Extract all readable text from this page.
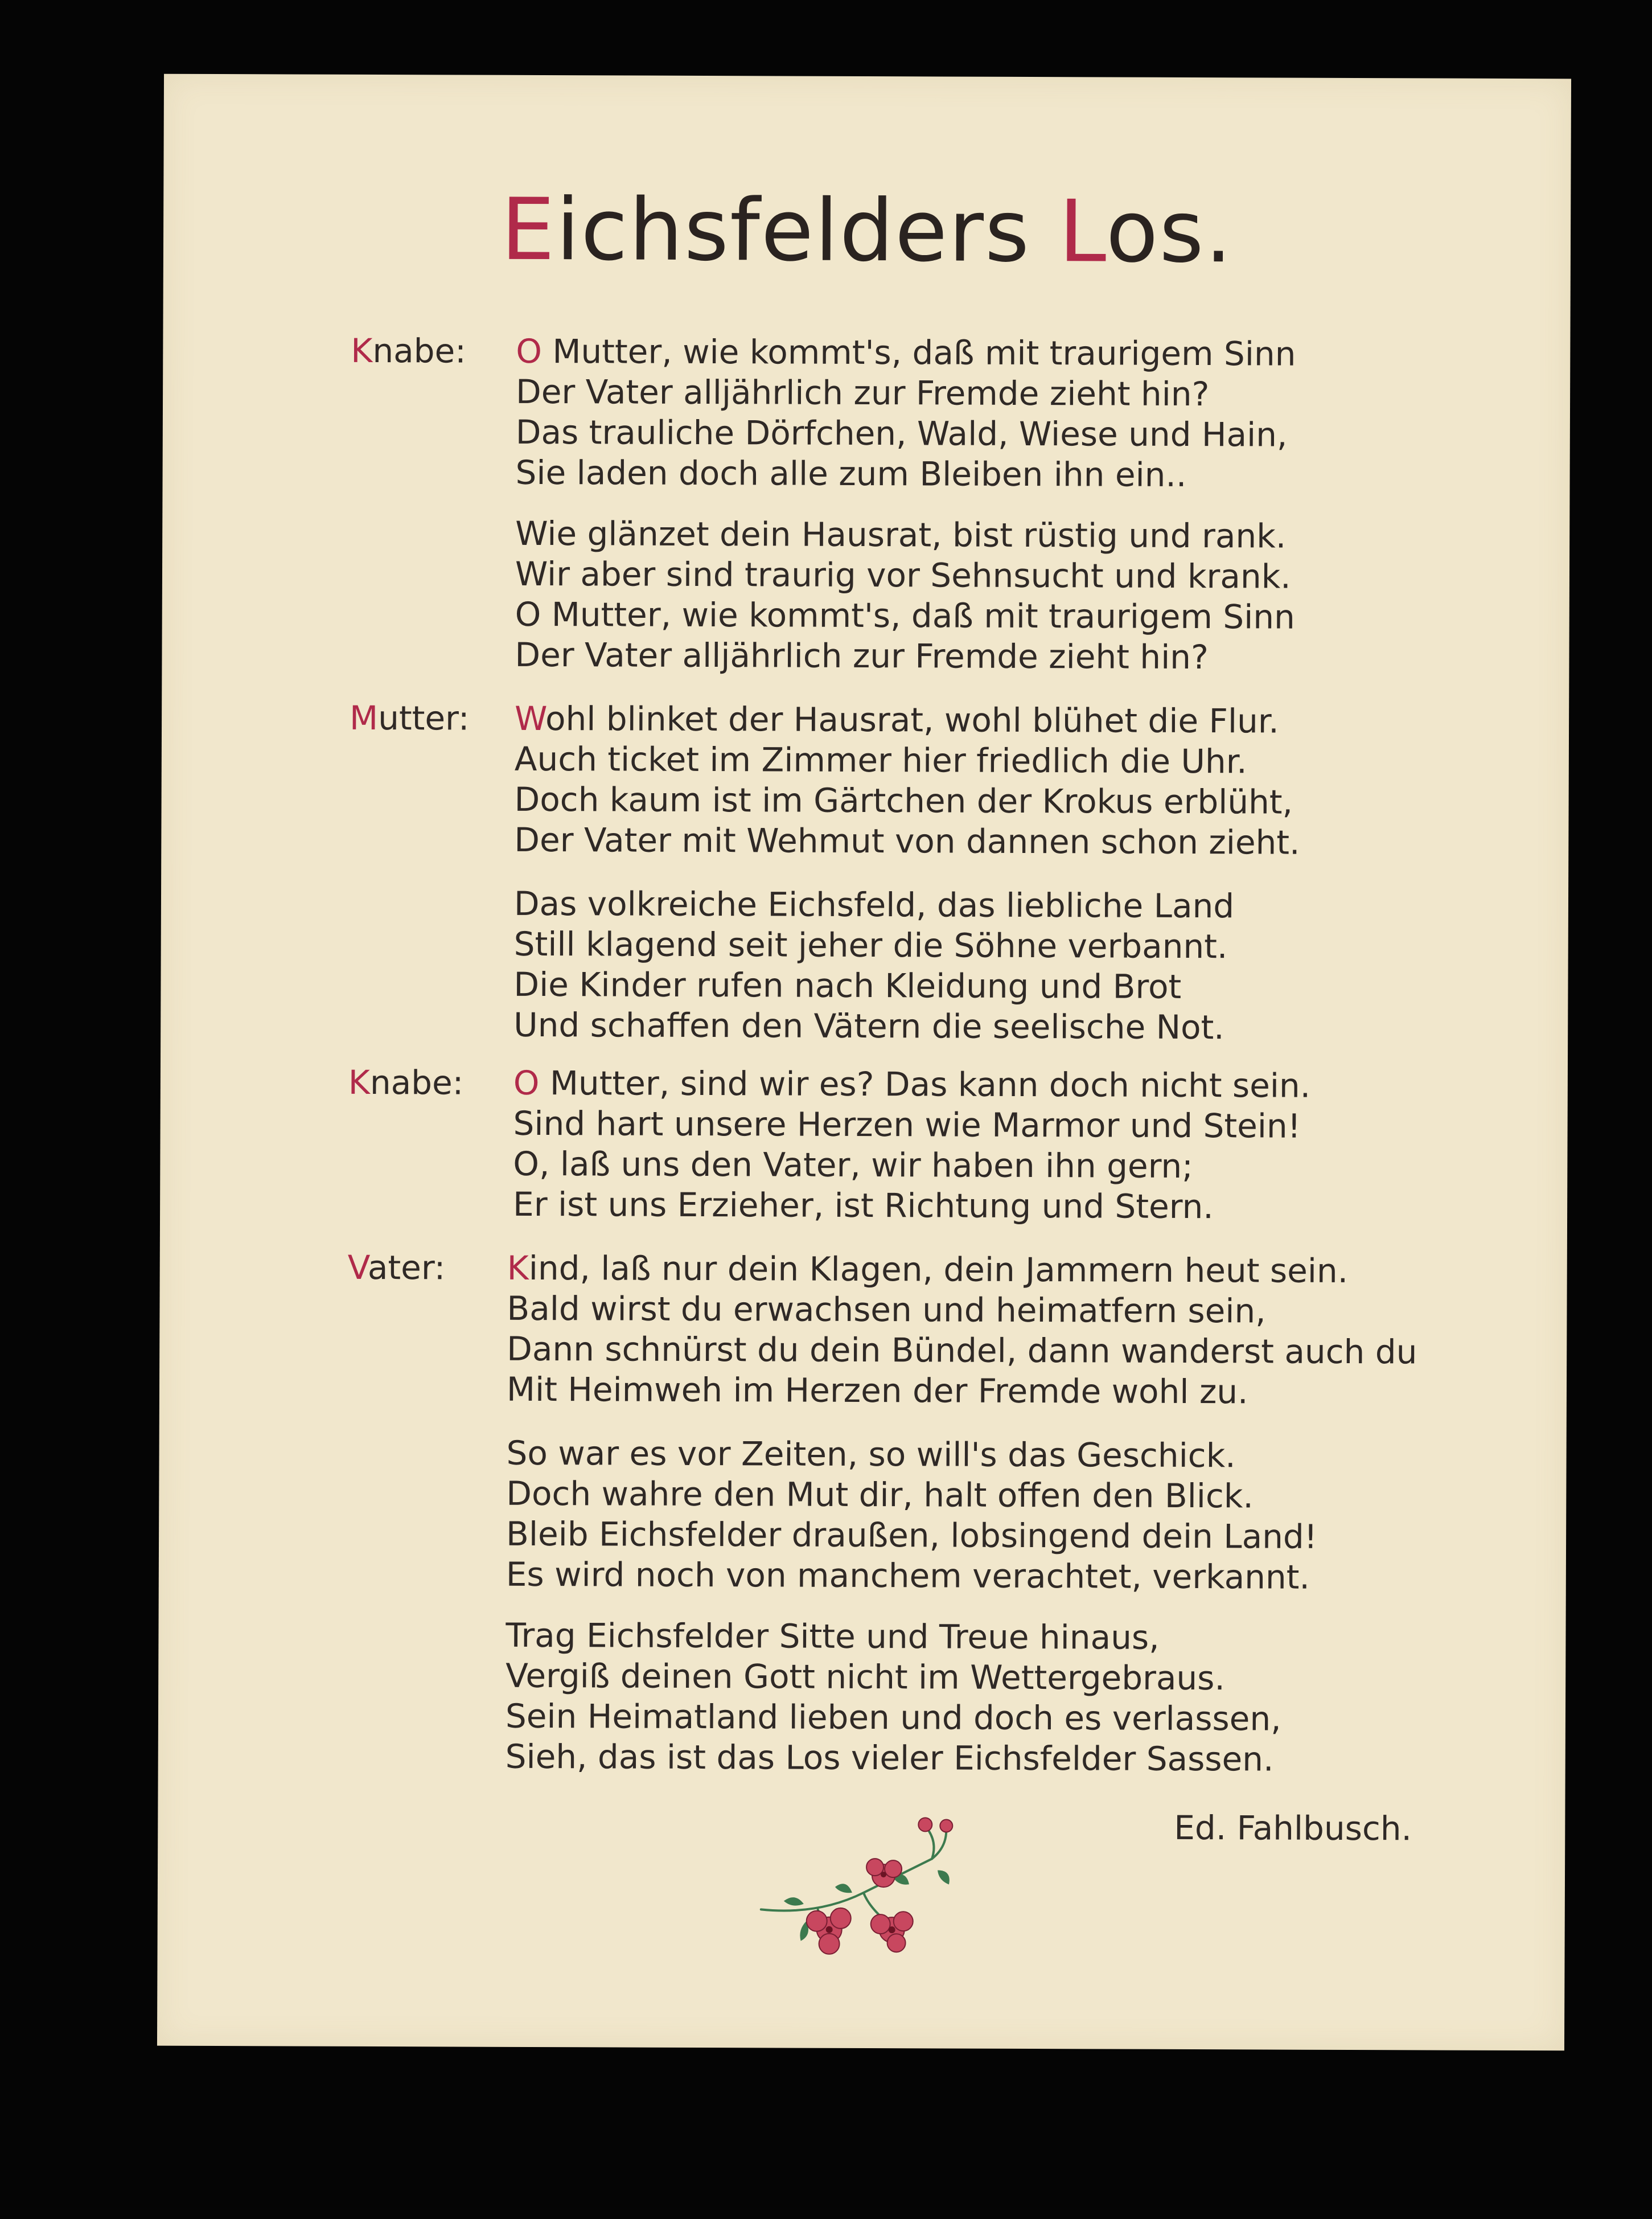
Eichsfelders Los.
Knabe: O Mutter, wie kommt's, daß mit traurigem Sinn
Der Vater alljährlich zur Fremde zieht hin?
Das trauliche Dörfchen, Wald, Wiese und Hain,
Sie laden doch alle zum Bleiben ihn ein..
Wie glänzet dein Hausrat, bist rüstig und rank.
Wir aber sind traurig vor Sehnsucht und krank.
O Mutter, wie kommt's, daß mit traurigem Sinn
Der Vater alljährlich zur Fremde zieht hin?
Mutter: Wohl blinket der Hausrat, wohl blühet die Flur.
Auch ticket im Zimmer hier friedlich die Uhr.
Doch kaum ist im Gärtchen der Krokus erblüht,
Der Vater mit Wehmut von dannen schon zieht.
Das volkreiche Eichsfeld, das liebliche Land
Still klagend seit jeher die Söhne verbannt.
Die Kinder rufen nach Kleidung und Brot
Und schaffen den Vätern die seelische Not.
Knabe: O Mutter, sind wir es? Das kann doch nicht sein.
Sind hart unsere Herzen wie Marmor und Stein!
O, laß uns den Vater, wir haben ihn gern;
Er ist uns Erzieher, ist Richtung und Stern.
Vater: Kind, laß nur dein Klagen, dein Jammern heut sein.
Bald wirst du erwachsen und heimatfern sein,
Dann schnürst du dein Bündel, dann wanderst auch du
Mit Heimweh im Herzen der Fremde wohl zu.
So war es vor Zeiten, so will's das Geschick.
Doch wahre den Mut dir, halt offen den Blick.
Bleib Eichsfelder draußen, lobsingend dein Land!
Es wird noch von manchem verachtet, verkannt.
Trag Eichsfelder Sitte und Treue hinaus,
Vergiß deinen Gott nicht im Wettergebraus.
Sein Heimatland lieben und doch es verlassen,
Sieh, das ist das Los vieler Eichsfelder Sassen.
Ed. Fahlbusch.
